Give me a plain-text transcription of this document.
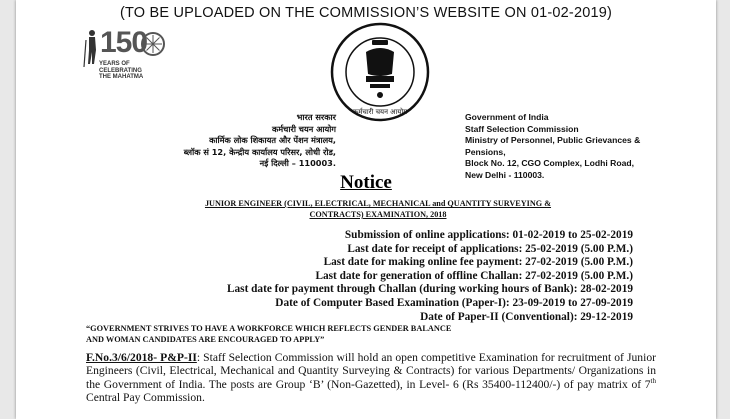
(TO BE UPLOADED ON THE COMMISSION’S WEBSITE ON 01-02-2019)
150
YEARS OF
CELEBRATING
THE MAHATMA
कर्मचारी चयन आयोग
भारत सरकार
कर्मचारी चयन आयोग
कार्मिक लोक शिकायत और पेंशन मंत्रालय,
ब्लॉक सं 12, केन्द्रीय कार्यालय परिसर, लोधी रोड,
नई दिल्ली – 110003.
Government of India
Staff Selection Commission
Ministry of Personnel, Public Grievances &
Pensions,
Block No. 12, CGO Complex, Lodhi Road,
New Delhi - 110003.
Notice
JUNIOR ENGINEER (CIVIL, ELECTRICAL, MECHANICAL and QUANTITY SURVEYING &
CONTRACTS) EXAMINATION, 2018
Submission of online applications: 01-02-2019 to 25-02-2019
Last date for receipt of applications: 25-02-2019 (5.00 P.M.)
Last date for making online fee payment: 27-02-2019 (5.00 P.M.)
Last date for generation of offline Challan: 27-02-2019 (5.00 P.M.)
Last date for payment through Challan (during working hours of Bank): 28-02-2019
Date of Computer Based Examination (Paper-I): 23-09-2019 to 27-09-2019
Date of Paper-II (Conventional): 29-12-2019
“GOVERNMENT STRIVES TO HAVE A WORKFORCE WHICH REFLECTS GENDER BALANCE
AND WOMAN CANDIDATES ARE ENCOURAGED TO APPLY”
F.No.3/6/2018- P&P-II: Staff Selection Commission will hold an open competitive Examination for recruitment of Junior Engineers (Civil, Electrical, Mechanical and Quantity Surveying & Contracts) for various Departments/ Organizations in the Government of India. The posts are Group ‘B’ (Non-Gazetted), in Level- 6 (Rs 35400-112400/-) of pay matrix of 7th Central Pay Commission.
